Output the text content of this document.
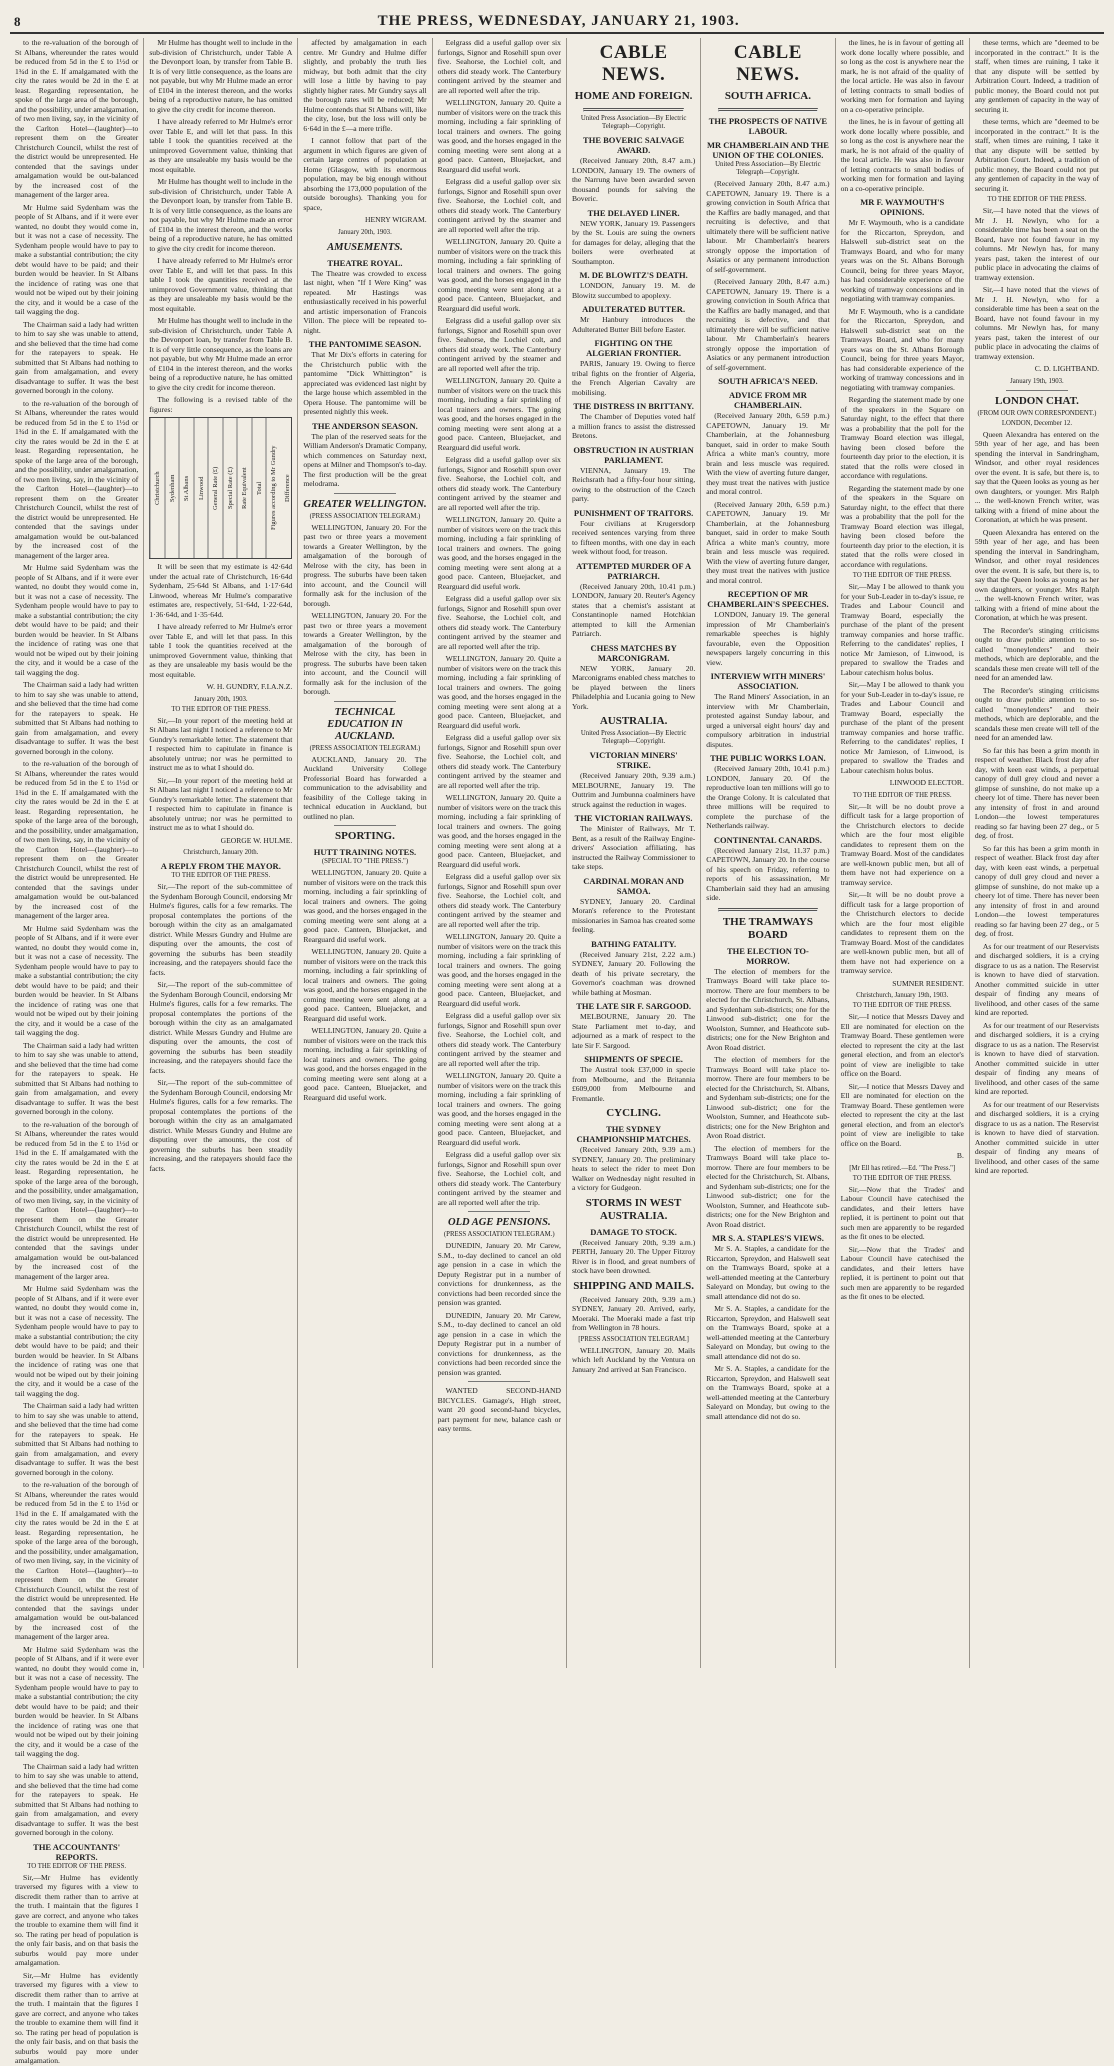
8	THE PRESS, WEDNESDAY, JANUARY 21, 1903.

to the re-valuation of the borough of St Albans, whereunder the rates would be reduced from 5d in the £ to 1½d or 1¾d in the £. If amalgamated with the city the rates would be 2d in the £ at least. Regarding representation, he spoke of the large area of the borough, and the possibility, under amalgamation, of two men living, say, in the vicinity of the Carlton Hotel—(laughter)—to represent them on the Greater Christchurch Council, whilst the rest of the district would be unrepresented. He contended that the savings under amalgamation would be out-balanced by the increased cost of the management of the larger area.

Mr Hulme said Sydenham was the people of St Albans, and if it were ever wanted, no doubt they would come in, but it was not a case of necessity. The Sydenham people would have to pay to make a substantial contribution; the city debt would have to be paid; and their burden would be heavier. In St Albans the incidence of rating was one that would not be wiped out by their joining the city, and it would be a case of the tail wagging the dog.

The Chairman said a lady had written to him to say she was unable to attend, and she believed that the time had come for the ratepayers to speak. He submitted that St Albans had nothing to gain from amalgamation, and every disadvantage to suffer. It was the best governed borough in the colony.

to the re-valuation of the borough of St Albans, whereunder the rates would be reduced from 5d in the £ to 1½d or 1¾d in the £. If amalgamated with the city the rates would be 2d in the £ at least. Regarding representation, he spoke of the large area of the borough, and the possibility, under amalgamation, of two men living, say, in the vicinity of the Carlton Hotel—(laughter)—to represent them on the Greater Christchurch Council, whilst the rest of the district would be unrepresented. He contended that the savings under amalgamation would be out-balanced by the increased cost of the management of the larger area.

Mr Hulme said Sydenham was the people of St Albans, and if it were ever wanted, no doubt they would come in, but it was not a case of necessity. The Sydenham people would have to pay to make a substantial contribution; the city debt would have to be paid; and their burden would be heavier. In St Albans the incidence of rating was one that would not be wiped out by their joining the city, and it would be a case of the tail wagging the dog.

The Chairman said a lady had written to him to say she was unable to attend, and she believed that the time had come for the ratepayers to speak. He submitted that St Albans had nothing to gain from amalgamation, and every disadvantage to suffer. It was the best governed borough in the colony.

to the re-valuation of the borough of St Albans, whereunder the rates would be reduced from 5d in the £ to 1½d or 1¾d in the £. If amalgamated with the city the rates would be 2d in the £ at least. Regarding representation, he spoke of the large area of the borough, and the possibility, under amalgamation, of two men living, say, in the vicinity of the Carlton Hotel—(laughter)—to represent them on the Greater Christchurch Council, whilst the rest of the district would be unrepresented. He contended that the savings under amalgamation would be out-balanced by the increased cost of the management of the larger area.

Mr Hulme said Sydenham was the people of St Albans, and if it were ever wanted, no doubt they would come in, but it was not a case of necessity. The Sydenham people would have to pay to make a substantial contribution; the city debt would have to be paid; and their burden would be heavier. In St Albans the incidence of rating was one that would not be wiped out by their joining the city, and it would be a case of the tail wagging the dog.

The Chairman said a lady had written to him to say she was unable to attend, and she believed that the time had come for the ratepayers to speak. He submitted that St Albans had nothing to gain from amalgamation, and every disadvantage to suffer. It was the best governed borough in the colony.

to the re-valuation of the borough of St Albans, whereunder the rates would be reduced from 5d in the £ to 1½d or 1¾d in the £. If amalgamated with the city the rates would be 2d in the £ at least. Regarding representation, he spoke of the large area of the borough, and the possibility, under amalgamation, of two men living, say, in the vicinity of the Carlton Hotel—(laughter)—to represent them on the Greater Christchurch Council, whilst the rest of the district would be unrepresented. He contended that the savings under amalgamation would be out-balanced by the increased cost of the management of the larger area.

Mr Hulme said Sydenham was the people of St Albans, and if it were ever wanted, no doubt they would come in, but it was not a case of necessity. The Sydenham people would have to pay to make a substantial contribution; the city debt would have to be paid; and their burden would be heavier. In St Albans the incidence of rating was one that would not be wiped out by their joining the city, and it would be a case of the tail wagging the dog.

The Chairman said a lady had written to him to say she was unable to attend, and she believed that the time had come for the ratepayers to speak. He submitted that St Albans had nothing to gain from amalgamation, and every disadvantage to suffer. It was the best governed borough in the colony.

to the re-valuation of the borough of St Albans, whereunder the rates would be reduced from 5d in the £ to 1½d or 1¾d in the £. If amalgamated with the city the rates would be 2d in the £ at least. Regarding representation, he spoke of the large area of the borough, and the possibility, under amalgamation, of two men living, say, in the vicinity of the Carlton Hotel—(laughter)—to represent them on the Greater Christchurch Council, whilst the rest of the district would be unrepresented. He contended that the savings under amalgamation would be out-balanced by the increased cost of the management of the larger area.

Mr Hulme said Sydenham was the people of St Albans, and if it were ever wanted, no doubt they would come in, but it was not a case of necessity. The Sydenham people would have to pay to make a substantial contribution; the city debt would have to be paid; and their burden would be heavier. In St Albans the incidence of rating was one that would not be wiped out by their joining the city, and it would be a case of the tail wagging the dog.

The Chairman said a lady had written to him to say she was unable to attend, and she believed that the time had come for the ratepayers to speak. He submitted that St Albans had nothing to gain from amalgamation, and every disadvantage to suffer. It was the best governed borough in the colony.

THE ACCOUNTANTS' REPORTS.
TO THE EDITOR OF THE PRESS.

Sir,—Mr Hulme has evidently traversed my figures with a view to discredit them rather than to arrive at the truth. I maintain that the figures I gave are correct, and anyone who takes the trouble to examine them will find it so. The rating per head of population is the only fair basis, and on that basis the suburbs would pay more under amalgamation.

Sir,—Mr Hulme has evidently traversed my figures with a view to discredit them rather than to arrive at the truth. I maintain that the figures I gave are correct, and anyone who takes the trouble to examine them will find it so. The rating per head of population is the only fair basis, and on that basis the suburbs would pay more under amalgamation.

Mr Hulme has thought well to include in the sub-division of Christchurch, under Table A the Devonport loan, by transfer from Table B. It is of very little consequence, as the loans are not payable, but why Mr Hulme made an error of £104 in the interest thereon, and the works being of a reproductive nature, he has omitted to give the city credit for income thereon.

I have already referred to Mr Hulme's error over Table E, and will let that pass. In this table I took the quantities received at the unimproved Government value, thinking that as they are unsaleable my basis would be the most equitable.

Mr Hulme has thought well to include in the sub-division of Christchurch, under Table A the Devonport loan, by transfer from Table B. It is of very little consequence, as the loans are not payable, but why Mr Hulme made an error of £104 in the interest thereon, and the works being of a reproductive nature, he has omitted to give the city credit for income thereon.

I have already referred to Mr Hulme's error over Table E, and will let that pass. In this table I took the quantities received at the unimproved Government value, thinking that as they are unsaleable my basis would be the most equitable.

Mr Hulme has thought well to include in the sub-division of Christchurch, under Table A the Devonport loan, by transfer from Table B. It is of very little consequence, as the loans are not payable, but why Mr Hulme made an error of £104 in the interest thereon, and the works being of a reproductive nature, he has omitted to give the city credit for income thereon.

The following is a revised table of the figures:

Christchurch	Sydenham	St Albans	Linwood	General Rate (£)	Special Rate (£)	Rate Equivalent	Total	Figures according to Mr Gundry	Difference

It will be seen that my estimate is 42·64d under the actual rate of Christchurch, 16·64d Sydenham, 25·64d St Albans, and 1·17·64d Linwood, whereas Mr Hulme's comparative estimates are, respectively, 51·64d, 1·22·64d, 1·36·64d, and 1·35·64d.

I have already referred to Mr Hulme's error over Table E, and will let that pass. In this table I took the quantities received at the unimproved Government value, thinking that as they are unsaleable my basis would be the most equitable.

W. H. GUNDRY, F.I.A.N.Z.
January 20th, 1903.
TO THE EDITOR OF THE PRESS.

Sir,—In your report of the meeting held at St Albans last night I noticed a reference to Mr Gundry's remarkable letter. The statement that I respected him to capitulate in finance is absolutely untrue; nor was he permitted to instruct me as to what I should do.

Sir,—In your report of the meeting held at St Albans last night I noticed a reference to Mr Gundry's remarkable letter. The statement that I respected him to capitulate in finance is absolutely untrue; nor was he permitted to instruct me as to what I should do.

GEORGE W. HULME.
Christchurch, January 20th.
A REPLY FROM THE MAYOR.
TO THE EDITOR OF THE PRESS.

Sir,—The report of the sub-committee of the Sydenham Borough Council, endorsing Mr Hulme's figures, calls for a few remarks. The proposal contemplates the portions of the borough within the city as an amalgamated district. While Messrs Gundry and Hulme are disputing over the amounts, the cost of governing the suburbs has been steadily increasing, and the ratepayers should face the facts.

Sir,—The report of the sub-committee of the Sydenham Borough Council, endorsing Mr Hulme's figures, calls for a few remarks. The proposal contemplates the portions of the borough within the city as an amalgamated district. While Messrs Gundry and Hulme are disputing over the amounts, the cost of governing the suburbs has been steadily increasing, and the ratepayers should face the facts.

Sir,—The report of the sub-committee of the Sydenham Borough Council, endorsing Mr Hulme's figures, calls for a few remarks. The proposal contemplates the portions of the borough within the city as an amalgamated district. While Messrs Gundry and Hulme are disputing over the amounts, the cost of governing the suburbs has been steadily increasing, and the ratepayers should face the facts.

affected by amalgamation in each centre. Mr Gundry and Hulme differ slightly, and probably the truth lies midway, but both admit that the city will lose a little by having to pay slightly higher rates. Mr Gundry says all the borough rates will be reduced; Mr Hulme contends that St Albans will, like the city, lose, but the loss will only be 6·64d in the £—a mere trifle.

I cannot follow that part of the argument in which figures are given of certain large centres of population at Home (Glasgow, with its enormous population, may be big enough without absorbing the 173,000 population of the outside boroughs). Thanking you for space,

HENRY WIGRAM.
January 20th, 1903.
AMUSEMENTS.
THEATRE ROYAL.

The Theatre was crowded to excess last night, when "If I Were King" was repeated. Mr Hastings was enthusiastically received in his powerful and artistic impersonation of Francois Villon. The piece will be repeated to-night.

THE PANTOMIME SEASON.

That Mr Dix's efforts in catering for the Christchurch public with the pantomime "Dick Whittington" is appreciated was evidenced last night by the large house which assembled in the Opera House. The pantomime will be presented nightly this week.

THE ANDERSON SEASON.

The plan of the reserved seats for the William Anderson's Dramatic Company, which commences on Saturday next, opens at Milner and Thompson's to-day. The first production will be the great melodrama.

GREATER WELLINGTON.
(PRESS ASSOCIATION TELEGRAM.)

WELLINGTON, January 20. For the past two or three years a movement towards a Greater Wellington, by the amalgamation of the borough of Melrose with the city, has been in progress. The suburbs have been taken into account, and the Council will formally ask for the inclusion of the borough.

WELLINGTON, January 20. For the past two or three years a movement towards a Greater Wellington, by the amalgamation of the borough of Melrose with the city, has been in progress. The suburbs have been taken into account, and the Council will formally ask for the inclusion of the borough.

TECHNICAL EDUCATION IN AUCKLAND.
(PRESS ASSOCIATION TELEGRAM.)

AUCKLAND, January 20. The Auckland University College Professorial Board has forwarded a communication to the advisability and feasibility of the College taking in technical education in Auckland, but outlined no plan.

SPORTING.
HUTT TRAINING NOTES.
(SPECIAL TO "THE PRESS.")

WELLINGTON, January 20. Quite a number of visitors were on the track this morning, including a fair sprinkling of local trainers and owners. The going was good, and the horses engaged in the coming meeting were sent along at a good pace. Canteen, Bluejacket, and Rearguard did useful work.

WELLINGTON, January 20. Quite a number of visitors were on the track this morning, including a fair sprinkling of local trainers and owners. The going was good, and the horses engaged in the coming meeting were sent along at a good pace. Canteen, Bluejacket, and Rearguard did useful work.

WELLINGTON, January 20. Quite a number of visitors were on the track this morning, including a fair sprinkling of local trainers and owners. The going was good, and the horses engaged in the coming meeting were sent along at a good pace. Canteen, Bluejacket, and Rearguard did useful work.

Eelgrass did a useful gallop over six furlongs, Signor and Rosehill spun over five. Seahorse, the Lochiel colt, and others did steady work. The Canterbury contingent arrived by the steamer and are all reported well after the trip.

WELLINGTON, January 20. Quite a number of visitors were on the track this morning, including a fair sprinkling of local trainers and owners. The going was good, and the horses engaged in the coming meeting were sent along at a good pace. Canteen, Bluejacket, and Rearguard did useful work.

Eelgrass did a useful gallop over six furlongs, Signor and Rosehill spun over five. Seahorse, the Lochiel colt, and others did steady work. The Canterbury contingent arrived by the steamer and are all reported well after the trip.

WELLINGTON, January 20. Quite a number of visitors were on the track this morning, including a fair sprinkling of local trainers and owners. The going was good, and the horses engaged in the coming meeting were sent along at a good pace. Canteen, Bluejacket, and Rearguard did useful work.

Eelgrass did a useful gallop over six furlongs, Signor and Rosehill spun over five. Seahorse, the Lochiel colt, and others did steady work. The Canterbury contingent arrived by the steamer and are all reported well after the trip.

WELLINGTON, January 20. Quite a number of visitors were on the track this morning, including a fair sprinkling of local trainers and owners. The going was good, and the horses engaged in the coming meeting were sent along at a good pace. Canteen, Bluejacket, and Rearguard did useful work.

Eelgrass did a useful gallop over six furlongs, Signor and Rosehill spun over five. Seahorse, the Lochiel colt, and others did steady work. The Canterbury contingent arrived by the steamer and are all reported well after the trip.

WELLINGTON, January 20. Quite a number of visitors were on the track this morning, including a fair sprinkling of local trainers and owners. The going was good, and the horses engaged in the coming meeting were sent along at a good pace. Canteen, Bluejacket, and Rearguard did useful work.

Eelgrass did a useful gallop over six furlongs, Signor and Rosehill spun over five. Seahorse, the Lochiel colt, and others did steady work. The Canterbury contingent arrived by the steamer and are all reported well after the trip.

WELLINGTON, January 20. Quite a number of visitors were on the track this morning, including a fair sprinkling of local trainers and owners. The going was good, and the horses engaged in the coming meeting were sent along at a good pace. Canteen, Bluejacket, and Rearguard did useful work.

Eelgrass did a useful gallop over six furlongs, Signor and Rosehill spun over five. Seahorse, the Lochiel colt, and others did steady work. The Canterbury contingent arrived by the steamer and are all reported well after the trip.

WELLINGTON, January 20. Quite a number of visitors were on the track this morning, including a fair sprinkling of local trainers and owners. The going was good, and the horses engaged in the coming meeting were sent along at a good pace. Canteen, Bluejacket, and Rearguard did useful work.

Eelgrass did a useful gallop over six furlongs, Signor and Rosehill spun over five. Seahorse, the Lochiel colt, and others did steady work. The Canterbury contingent arrived by the steamer and are all reported well after the trip.

WELLINGTON, January 20. Quite a number of visitors were on the track this morning, including a fair sprinkling of local trainers and owners. The going was good, and the horses engaged in the coming meeting were sent along at a good pace. Canteen, Bluejacket, and Rearguard did useful work.

Eelgrass did a useful gallop over six furlongs, Signor and Rosehill spun over five. Seahorse, the Lochiel colt, and others did steady work. The Canterbury contingent arrived by the steamer and are all reported well after the trip.

WELLINGTON, January 20. Quite a number of visitors were on the track this morning, including a fair sprinkling of local trainers and owners. The going was good, and the horses engaged in the coming meeting were sent along at a good pace. Canteen, Bluejacket, and Rearguard did useful work.

Eelgrass did a useful gallop over six furlongs, Signor and Rosehill spun over five. Seahorse, the Lochiel colt, and others did steady work. The Canterbury contingent arrived by the steamer and are all reported well after the trip.

OLD AGE PENSIONS.
(PRESS ASSOCIATION TELEGRAM.)

DUNEDIN, January 20. Mr Carew, S.M., to-day declined to cancel an old age pension in a case in which the Deputy Registrar put in a number of convictions for drunkenness, as the convictions had been recorded since the pension was granted.

DUNEDIN, January 20. Mr Carew, S.M., to-day declined to cancel an old age pension in a case in which the Deputy Registrar put in a number of convictions for drunkenness, as the convictions had been recorded since the pension was granted.

WANTED SECOND-HAND BICYCLES. Gamage's, High street, want 20 good second-hand bicycles, part payment for new, balance cash or easy terms.

CABLE NEWS.
HOME AND FOREIGN.
United Press Association—By Electric Telegraph—Copyright.
THE BOVERIC SALVAGE AWARD.

(Received January 20th, 8.47 a.m.) LONDON, January 19. The owners of the Narrung have been awarded seven thousand pounds for salving the Boveric.

THE DELAYED LINER.

NEW YORK, January 19. Passengers by the St. Louis are suing the owners for damages for delay, alleging that the boilers were overheated at Southampton.

M. DE BLOWITZ'S DEATH.

LONDON, January 19. M. de Blowitz succumbed to apoplexy.

ADULTERATED BUTTER.

Mr Hanbury introduces the Adulterated Butter Bill before Easter.

FIGHTING ON THE ALGERIAN FRONTIER.

PARIS, January 19. Owing to fierce tribal fights on the frontier of Algeria, the French Algerian Cavalry are mobilising.

THE DISTRESS IN BRITTANY.

The Chamber of Deputies voted half a million francs to assist the distressed Bretons.

OBSTRUCTION IN AUSTRIAN PARLIAMENT.

VIENNA, January 19. The Reichsrath had a fifty-four hour sitting, owing to the obstruction of the Czech party.

PUNISHMENT OF TRAITORS.

Four civilians at Krugersdorp received sentences varying from three to fifteen months, with one day in each week without food, for treason.

ATTEMPTED MURDER OF A PATRIARCH.

(Received January 20th, 10.41 p.m.) LONDON, January 20. Reuter's Agency states that a chemist's assistant at Constantinople named Hotchkian attempted to kill the Armenian Patriarch.

CHESS MATCHES BY MARCONIGRAM.

NEW YORK, January 20. Marconigrams enabled chess matches to be played between the liners Philadelphia and Lucania going to New York.

AUSTRALIA.
United Press Association—By Electric Telegraph—Copyright.
VICTORIAN MINERS' STRIKE.

(Received January 20th, 9.39 a.m.) MELBOURNE, January 19. The Outtrim and Jumbunna coalminers have struck against the reduction in wages.

THE VICTORIAN RAILWAYS.

The Minister of Railways, Mr T. Bent, as a result of the Railway Engine-drivers' Association affiliating, has instructed the Railway Commissioner to take steps.

CARDINAL MORAN AND SAMOA.

SYDNEY, January 20. Cardinal Moran's reference to the Protestant missionaries in Samoa has created some feeling.

BATHING FATALITY.

(Received January 21st, 2.22 a.m.) SYDNEY, January 20. Following the death of his private secretary, the Governor's coachman was drowned while bathing at Mosman.

THE LATE SIR F. SARGOOD.

MELBOURNE, January 20. The State Parliament met to-day, and adjourned as a mark of respect to the late Sir F. Sargood.

SHIPMENTS OF SPECIE.

The Austral took £37,000 in specie from Melbourne, and the Britannia £609,000 from Melbourne and Fremantle.

CYCLING.
THE SYDNEY CHAMPIONSHIP MATCHES.

(Received January 20th, 9.39 a.m.) SYDNEY, January 20. The preliminary heats to select the rider to meet Don Walker on Wednesday night resulted in a victory for Gudgeon.

STORMS IN WEST AUSTRALIA.
DAMAGE TO STOCK.

(Received January 20th, 9.39 a.m.) PERTH, January 20. The Upper Fitzroy River is in flood, and great numbers of stock have been drowned.

SHIPPING AND MAILS.

(Received January 20th, 9.39 a.m.) SYDNEY, January 20. Arrived, early, Moeraki. The Moeraki made a fast trip from Wellington in 78 hours.

[PRESS ASSOCIATION TELEGRAM.]

WELLINGTON, January 20. Mails which left Auckland by the Ventura on January 2nd arrived at San Francisco.

CABLE NEWS.
SOUTH AFRICA.
THE PROSPECTS OF NATIVE LABOUR.
MR CHAMBERLAIN AND THE UNION OF THE COLONIES.
United Press Association—By Electric Telegraph—Copyright.

(Received January 20th, 8.47 a.m.) CAPETOWN, January 19. There is a growing conviction in South Africa that the Kaffirs are badly managed, and that recruiting is defective, and that ultimately there will be sufficient native labour. Mr Chamberlain's hearers strongly oppose the importation of Asiatics or any permanent introduction of self-government.

(Received January 20th, 8.47 a.m.) CAPETOWN, January 19. There is a growing conviction in South Africa that the Kaffirs are badly managed, and that recruiting is defective, and that ultimately there will be sufficient native labour. Mr Chamberlain's hearers strongly oppose the importation of Asiatics or any permanent introduction of self-government.

SOUTH AFRICA'S NEED.
ADVICE FROM MR CHAMBERLAIN.

(Received January 20th, 6.59 p.m.) CAPETOWN, January 19. Mr Chamberlain, at the Johannesburg banquet, said in order to make South Africa a white man's country, more brain and less muscle was required. With the view of averting future danger, they must treat the natives with justice and moral control.

(Received January 20th, 6.59 p.m.) CAPETOWN, January 19. Mr Chamberlain, at the Johannesburg banquet, said in order to make South Africa a white man's country, more brain and less muscle was required. With the view of averting future danger, they must treat the natives with justice and moral control.

RECEPTION OF MR CHAMBERLAIN'S SPEECHES.

LONDON, January 19. The general impression of Mr Chamberlain's remarkable speeches is highly favourable, even the Opposition newspapers largely concurring in this view.

INTERVIEW WITH MINERS' ASSOCIATION.

The Rand Miners' Association, in an interview with Mr Chamberlain, protested against Sunday labour, and urged a universal eight hours' day and compulsory arbitration in industrial disputes.

THE PUBLIC WORKS LOAN.

(Received January 20th, 10.41 p.m.) LONDON, January 20. Of the reproductive loan ten millions will go to the Orange Colony. It is calculated that three millions will be required to complete the purchase of the Netherlands railway.

CONTINENTAL CANARDS.

(Received January 21st, 11.37 p.m.) CAPETOWN, January 20. In the course of his speech on Friday, referring to reports of his assassination, Mr Chamberlain said they had an amusing side.

THE TRAMWAYS BOARD
THE ELECTION TO-MORROW.

The election of members for the Tramways Board will take place to-morrow. There are four members to be elected for the Christchurch, St. Albans, and Sydenham sub-districts; one for the Linwood sub-district; one for the Woolston, Sumner, and Heathcote sub-districts; one for the New Brighton and Avon Road district.

The election of members for the Tramways Board will take place to-morrow. There are four members to be elected for the Christchurch, St. Albans, and Sydenham sub-districts; one for the Linwood sub-district; one for the Woolston, Sumner, and Heathcote sub-districts; one for the New Brighton and Avon Road district.

The election of members for the Tramways Board will take place to-morrow. There are four members to be elected for the Christchurch, St. Albans, and Sydenham sub-districts; one for the Linwood sub-district; one for the Woolston, Sumner, and Heathcote sub-districts; one for the New Brighton and Avon Road district.

MR S. A. STAPLES'S VIEWS.

Mr S. A. Staples, a candidate for the Riccarton, Spreydon, and Halswell seat on the Tramways Board, spoke at a well-attended meeting at the Canterbury Saleyard on Monday, but owing to the small attendance did not do so.

Mr S. A. Staples, a candidate for the Riccarton, Spreydon, and Halswell seat on the Tramways Board, spoke at a well-attended meeting at the Canterbury Saleyard on Monday, but owing to the small attendance did not do so.

Mr S. A. Staples, a candidate for the Riccarton, Spreydon, and Halswell seat on the Tramways Board, spoke at a well-attended meeting at the Canterbury Saleyard on Monday, but owing to the small attendance did not do so.

the lines, he is in favour of getting all work done locally where possible, and so long as the cost is anywhere near the mark, he is not afraid of the quality of the local article. He was also in favour of letting contracts to small bodies of working men for formation and laying on a co-operative principle.

the lines, he is in favour of getting all work done locally where possible, and so long as the cost is anywhere near the mark, he is not afraid of the quality of the local article. He was also in favour of letting contracts to small bodies of working men for formation and laying on a co-operative principle.

MR F. WAYMOUTH'S OPINIONS.

Mr F. Waymouth, who is a candidate for the Riccarton, Spreydon, and Halswell sub-district seat on the Tramways Board, and who for many years was on the St. Albans Borough Council, being for three years Mayor, has had considerable experience of the working of tramway concessions and in negotiating with tramway companies.

Mr F. Waymouth, who is a candidate for the Riccarton, Spreydon, and Halswell sub-district seat on the Tramways Board, and who for many years was on the St. Albans Borough Council, being for three years Mayor, has had considerable experience of the working of tramway concessions and in negotiating with tramway companies.

Regarding the statement made by one of the speakers in the Square on Saturday night, to the effect that there was a probability that the poll for the Tramway Board election was illegal, having been closed before the fourteenth day prior to the election, it is stated that the rolls were closed in accordance with regulations.

Regarding the statement made by one of the speakers in the Square on Saturday night, to the effect that there was a probability that the poll for the Tramway Board election was illegal, having been closed before the fourteenth day prior to the election, it is stated that the rolls were closed in accordance with regulations.

TO THE EDITOR OF THE PRESS.

Sir,—May I be allowed to thank you for your Sub-Leader in to-day's issue, re Trades and Labour Council and Tramway Board, especially the purchase of the plant of the present tramway companies and horse traffic. Referring to the candidates' replies, I notice Mr Jamieson, of Linwood, is prepared to swallow the Trades and Labour catechism holus bolus.

Sir,—May I be allowed to thank you for your Sub-Leader in to-day's issue, re Trades and Labour Council and Tramway Board, especially the purchase of the plant of the present tramway companies and horse traffic. Referring to the candidates' replies, I notice Mr Jamieson, of Linwood, is prepared to swallow the Trades and Labour catechism holus bolus.

LINWOOD ELECTOR.
TO THE EDITOR OF THE PRESS.

Sir,—It will be no doubt prove a difficult task for a large proportion of the Christchurch electors to decide which are the four most eligible candidates to represent them on the Tramway Board. Most of the candidates are well-known public men, but all of them have not had experience on a tramway service.

Sir,—It will be no doubt prove a difficult task for a large proportion of the Christchurch electors to decide which are the four most eligible candidates to represent them on the Tramway Board. Most of the candidates are well-known public men, but all of them have not had experience on a tramway service.

SUMNER RESIDENT.
Christchurch, January 19th, 1903.
TO THE EDITOR OF THE PRESS.

Sir,—I notice that Messrs Davey and Ell are nominated for election on the Tramway Board. These gentlemen were elected to represent the city at the last general election, and from an elector's point of view are ineligible to take office on the Board.

Sir,—I notice that Messrs Davey and Ell are nominated for election on the Tramway Board. These gentlemen were elected to represent the city at the last general election, and from an elector's point of view are ineligible to take office on the Board.

B.
[Mr Ell has retired.—Ed. "The Press."]
TO THE EDITOR OF THE PRESS.

Sir,—Now that the Trades' and Labour Council have catechised the candidates, and their letters have replied, it is pertinent to point out that such men are apparently to be regarded as the fit ones to be elected.

Sir,—Now that the Trades' and Labour Council have catechised the candidates, and their letters have replied, it is pertinent to point out that such men are apparently to be regarded as the fit ones to be elected.

these terms, which are "deemed to be incorporated in the contract." It is the staff, when times are ruining, I take it that any dispute will be settled by Arbitration Court. Indeed, a tradition of public money, the Board could not put any gentlemen of capacity in the way of securing it.

these terms, which are "deemed to be incorporated in the contract." It is the staff, when times are ruining, I take it that any dispute will be settled by Arbitration Court. Indeed, a tradition of public money, the Board could not put any gentlemen of capacity in the way of securing it.

TO THE EDITOR OF THE PRESS.

Sir,—I have noted that the views of Mr J. H. Newlyn, who for a considerable time has been a seat on the Board, have not found favour in my columns. Mr Newlyn has, for many years past, taken the interest of our public place in advocating the claims of tramway extension.

Sir,—I have noted that the views of Mr J. H. Newlyn, who for a considerable time has been a seat on the Board, have not found favour in my columns. Mr Newlyn has, for many years past, taken the interest of our public place in advocating the claims of tramway extension.

C. D. LIGHTBAND.
January 19th, 1903.
LONDON CHAT.
(FROM OUR OWN CORRESPONDENT.)
LONDON, December 12.

Queen Alexandra has entered on the 59th year of her age, and has been spending the interval in Sandringham, Windsor, and other royal residences over the event. It is safe, but there is, to say that the Queen looks as young as her own daughters, or younger. Mrs Ralph ... the well-known French writer, was talking with a friend of mine about the Coronation, at which he was present.

Queen Alexandra has entered on the 59th year of her age, and has been spending the interval in Sandringham, Windsor, and other royal residences over the event. It is safe, but there is, to say that the Queen looks as young as her own daughters, or younger. Mrs Ralph ... the well-known French writer, was talking with a friend of mine about the Coronation, at which he was present.

The Recorder's stinging criticisms ought to draw public attention to so-called "moneylenders" and their methods, which are deplorable, and the scandals these men create will tell of the need for an amended law.

The Recorder's stinging criticisms ought to draw public attention to so-called "moneylenders" and their methods, which are deplorable, and the scandals these men create will tell of the need for an amended law.

So far this has been a grim month in respect of weather. Black frost day after day, with keen east winds, a perpetual canopy of dull grey cloud and never a glimpse of sunshine, do not make up a cheery lot of time. There has never been any intensity of frost in and around London—the lowest temperatures reading so far having been 27 deg., or 5 deg. of frost.

So far this has been a grim month in respect of weather. Black frost day after day, with keen east winds, a perpetual canopy of dull grey cloud and never a glimpse of sunshine, do not make up a cheery lot of time. There has never been any intensity of frost in and around London—the lowest temperatures reading so far having been 27 deg., or 5 deg. of frost.

As for our treatment of our Reservists and discharged soldiers, it is a crying disgrace to us as a nation. The Reservist is known to have died of starvation. Another committed suicide in utter despair of finding any means of livelihood, and other cases of the same kind are reported.

As for our treatment of our Reservists and discharged soldiers, it is a crying disgrace to us as a nation. The Reservist is known to have died of starvation. Another committed suicide in utter despair of finding any means of livelihood, and other cases of the same kind are reported.

As for our treatment of our Reservists and discharged soldiers, it is a crying disgrace to us as a nation. The Reservist is known to have died of starvation. Another committed suicide in utter despair of finding any means of livelihood, and other cases of the same kind are reported.
